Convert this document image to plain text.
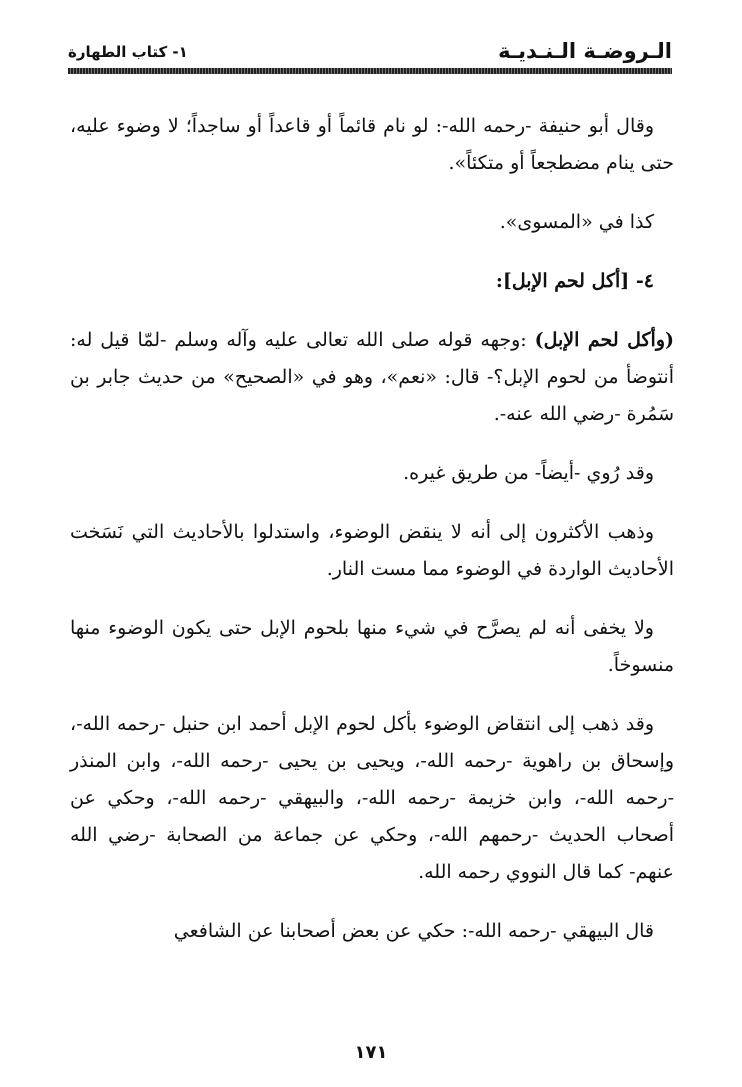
الـروضـة الـنـديـة
١- كتاب الطهارة

وقال أبو حنيفة -رحمه الله-: لو نام قائماً أو قاعداً أو ساجداً؛ لا وضوء عليه، حتى ينام مضطجعاً أو متكئاً».

كذا في «المسوى».

٤- [أكل لحم الإبل]:

(وأكل لحم الإبل) :وجهه قوله صلى الله تعالى عليه وآله وسلم -لمّا قيل له: أنتوضأ من لحوم الإبل؟- قال: «نعم»، وهو في «الصحيح» من حديث جابر بن سَمُرة -رضي الله عنه-.

وقد رُوي -أيضاً- من طريق غيره.

وذهب الأكثرون إلى أنه لا ينقض الوضوء، واستدلوا بالأحاديث التي نَسَخت الأحاديث الواردة في الوضوء مما مست النار.

ولا يخفى أنه لم يصرَّح في شيء منها بلحوم الإبل حتى يكون الوضوء منها منسوخاً.

وقد ذهب إلى انتقاض الوضوء بأكل لحوم الإبل أحمد ابن حنبل -رحمه الله-، وإسحاق بن راهوية -رحمه الله-، ويحيى بن يحيى -رحمه الله-، وابن المنذر -رحمه الله-، وابن خزيمة -رحمه الله-، والبيهقي -رحمه الله-، وحكي عن أصحاب الحديث -رحمهم الله-، وحكي عن جماعة من الصحابة -رضي الله عنهم- كما قال النووي رحمه الله.

قال البيهقي -رحمه الله-: حكي عن بعض أصحابنا عن الشافعي

١٧١
